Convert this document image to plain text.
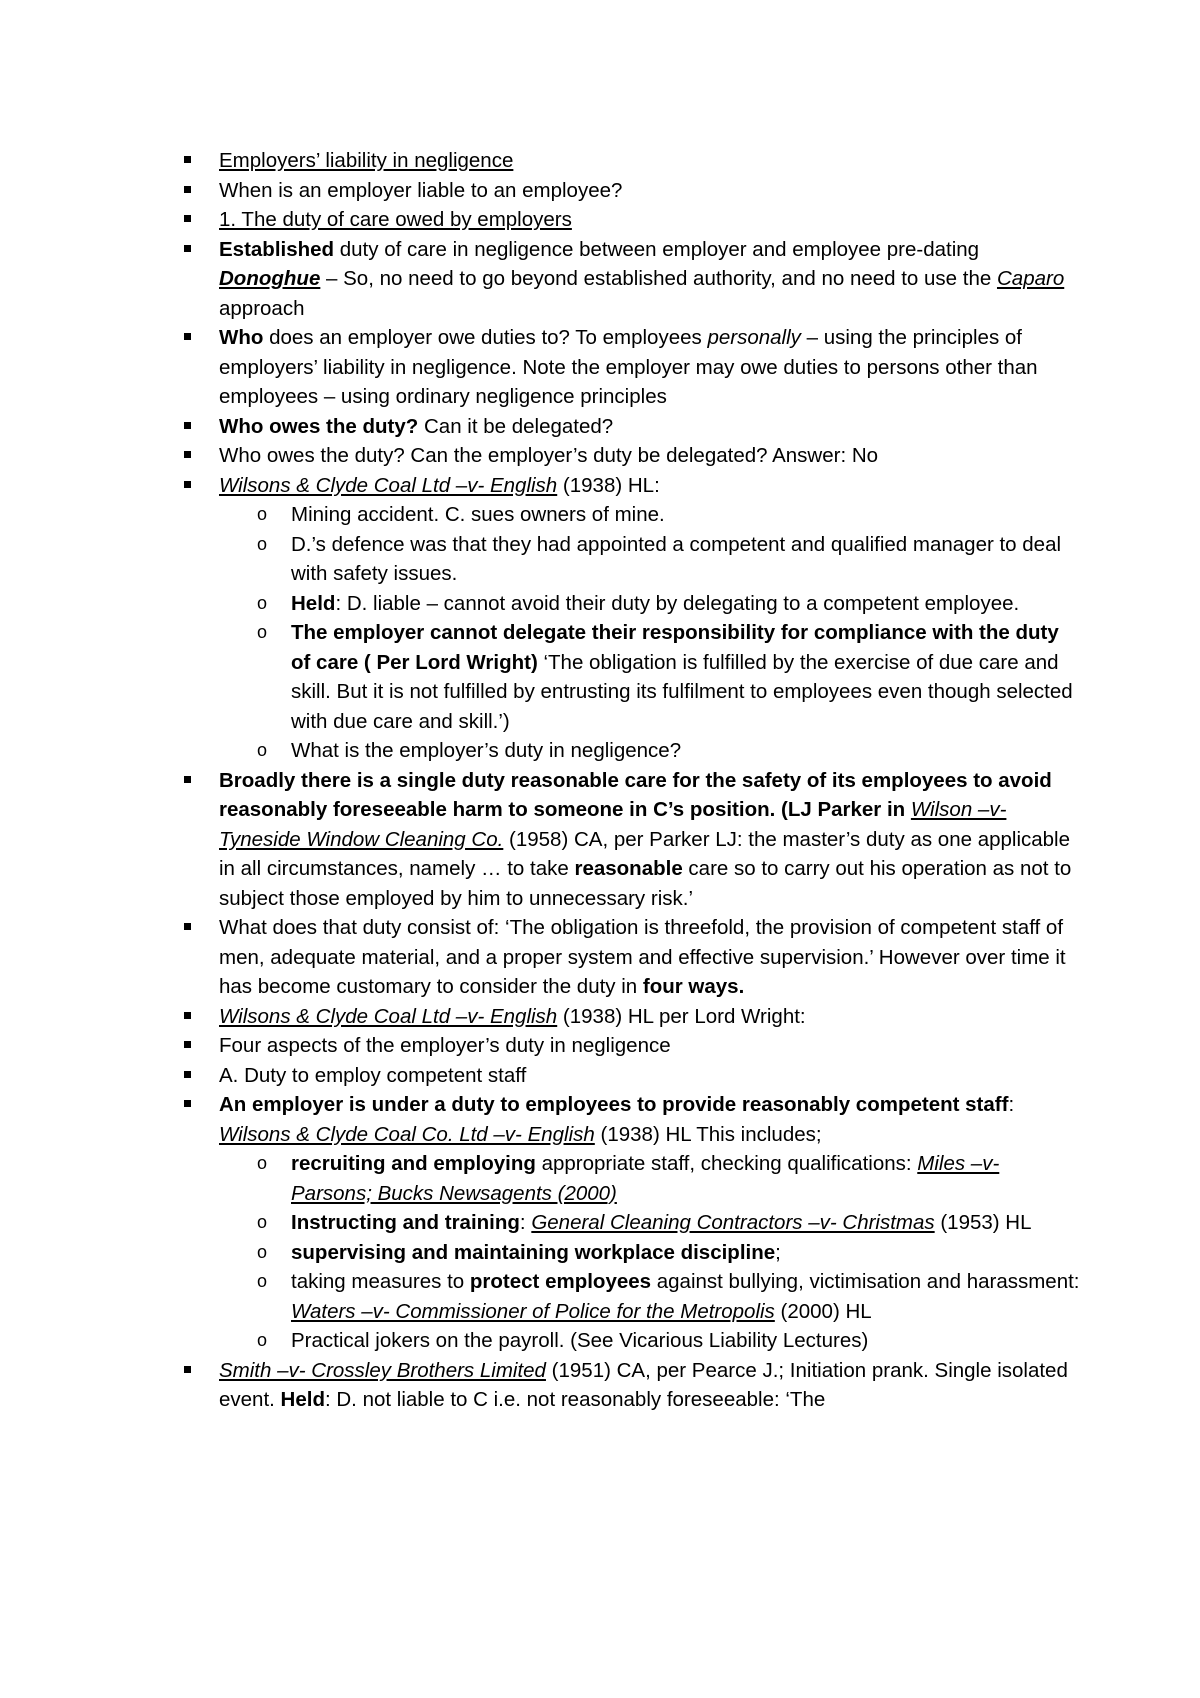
Employers’ liability in negligence
When is an employer liable to an employee?
1. The duty of care owed by employers
Established duty of care in negligence between employer and employee pre-dating Donoghue – So, no need to go beyond established authority, and no need to use the Caparo approach
Who does an employer owe duties to? To employees personally – using the principles of employers’ liability in negligence. Note the employer may owe duties to persons other than employees – using ordinary negligence principles
Who owes the duty? Can it be delegated?
Who owes the duty? Can the employer’s duty be delegated? Answer: No
Wilsons & Clyde Coal Ltd –v- English (1938) HL:
o Mining accident. C. sues owners of mine.
o D.’s defence was that they had appointed a competent and qualified manager to deal with safety issues.
o Held: D. liable – cannot avoid their duty by delegating to a competent employee.
o The employer cannot delegate their responsibility for compliance with the duty of care ( Per Lord Wright) ‘The obligation is fulfilled by the exercise of due care and skill. But it is not fulfilled by entrusting its fulfilment to employees even though selected with due care and skill.’)
o What is the employer’s duty in negligence?
Broadly there is a single duty reasonable care for the safety of its employees to avoid reasonably foreseeable harm to someone in C’s position. (LJ Parker in Wilson –v- Tyneside Window Cleaning Co. (1958) CA, per Parker LJ: the master’s duty as one applicable in all circumstances, namely … to take reasonable care so to carry out his operation as not to subject those employed by him to unnecessary risk.’
What does that duty consist of: ‘The obligation is threefold, the provision of competent staff of men, adequate material, and a proper system and effective supervision.’ However over time it has become customary to consider the duty in four ways.
Wilsons & Clyde Coal Ltd –v- English (1938) HL per Lord Wright:
Four aspects of the employer’s duty in negligence
A. Duty to employ competent staff
An employer is under a duty to employees to provide reasonably competent staff: Wilsons & Clyde Coal Co. Ltd –v- English (1938) HL This includes;
o recruiting and employing appropriate staff, checking qualifications: Miles –v- Parsons; Bucks Newsagents (2000)
o Instructing and training: General Cleaning Contractors –v- Christmas (1953) HL
o supervising and maintaining workplace discipline;
o taking measures to protect employees against bullying, victimisation and harassment: Waters –v- Commissioner of Police for the Metropolis (2000) HL
o Practical jokers on the payroll. (See Vicarious Liability Lectures)
Smith –v- Crossley Brothers Limited (1951) CA, per Pearce J.; Initiation prank. Single isolated event. Held: D. not liable to C i.e. not reasonably foreseeable: ‘The
